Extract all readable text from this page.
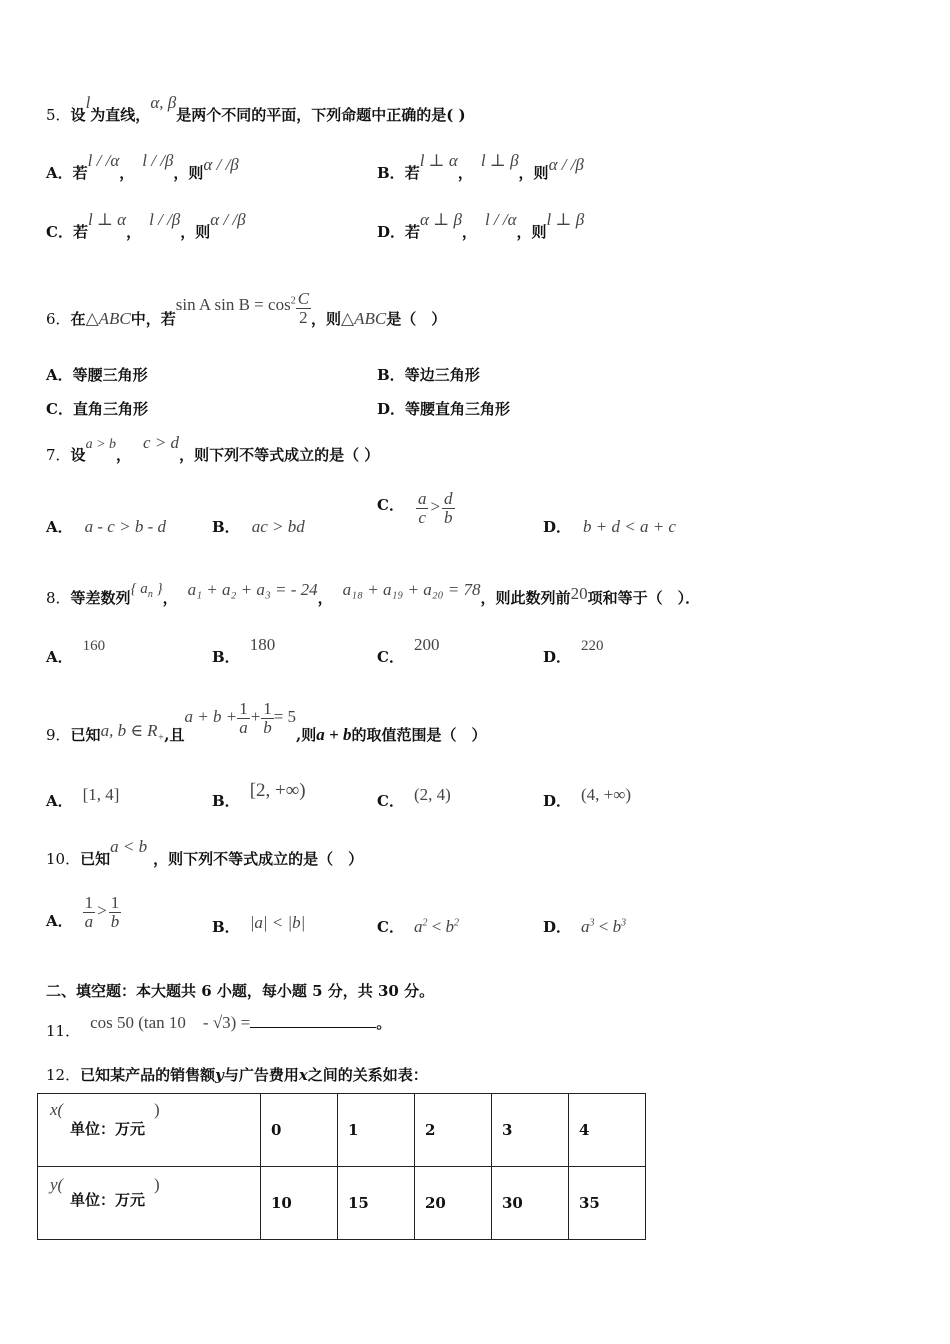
5．设l为直线，α, β是两个不同的平面，下列命题中正确的是( )
A．若l / /α，l / /β，则α / /β	B．若l ⊥ α，l ⊥ β，则α / /β
C．若l ⊥ α，l / /β，则α / /β
D．若α ⊥ β，l / /α，则l ⊥ β
6．在△ABC中，若sin A $\sin B = \cos^2 \frac{C}{2}$ ，则△ABC是（　）
A．等腰三角形	B．等边三角形
C．直角三角形	D．等腰直角三角形
7．设a > b，c > d，则下列不等式成立的是（ ）
A． a - c > b - d	B． ac > bd
C． $\frac{a}{c} > \frac{d}{b}$
D． b + d < a + c
8．等差数列{ $a_n$ }， a₁ + a₂ + a₃ = - 24， a₁₈ + a₁₉ + a₂₀ = 78，则此数列前20项和等于（　）．
A．160
B．180
C．200
D．220
9．已知a, b ∈ $R_+$,且$a + b + \frac{1}{a} + \frac{1}{b} = 5$,则a + b的取值范围是（　）
A． [1, 4]	B． [2, +∞)	C． (2, 4)	D． (4, +∞)
10．已知a < b，则下列不等式成立的是（　）
A． $\frac{1}{a} > \frac{1}{b}$	B． |a| < |b|	C． $a^2 < b^2$	D． $a^3 < b^3$
二、填空题：本大题共 6 小题，每小题 5 分，共 30 分。
11． cos 50 (tan 10　- √3) =	。
12．已知某产品的销售额y与广告费用x之间的关系如表：
x(
单位：万元
)	0	1	2	3	4

y(
单位：万元
)	10	15	20	30	35
